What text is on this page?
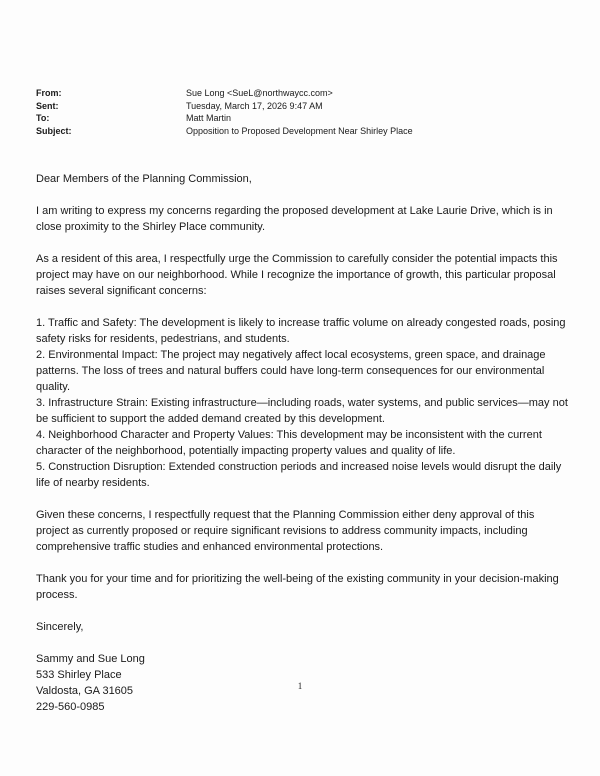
From:	Sue Long <SueL@northwaycc.com>
Sent:	Tuesday, March 17, 2026 9:47 AM
To:	Matt Martin
Subject:	Opposition to Proposed Development Near Shirley Place

Dear Members of the Planning Commission,

I am writing to express my concerns regarding the proposed development at Lake Laurie Drive, which is in close proximity to the Shirley Place community.

As a resident of this area, I respectfully urge the Commission to carefully consider the potential impacts this project may have on our neighborhood. While I recognize the importance of growth, this particular proposal raises several significant concerns:

1. Traffic and Safety: The development is likely to increase traffic volume on already congested roads, posing safety risks for residents, pedestrians, and students.

2. Environmental Impact: The project may negatively affect local ecosystems, green space, and drainage patterns. The loss of trees and natural buffers could have long-term consequences for our environmental quality.

3. Infrastructure Strain: Existing infrastructure—including roads, water systems, and public services—may not be sufficient to support the added demand created by this development.

4. Neighborhood Character and Property Values: This development may be inconsistent with the current character of the neighborhood, potentially impacting property values and quality of life.

5. Construction Disruption: Extended construction periods and increased noise levels would disrupt the daily life of nearby residents.

Given these concerns, I respectfully request that the Planning Commission either deny approval of this project as currently proposed or require significant revisions to address community impacts, including comprehensive traffic studies and enhanced environmental protections.

Thank you for your time and for prioritizing the well-being of the existing community in your decision-making process.

Sincerely,

Sammy and Sue Long

533 Shirley Place

Valdosta, GA 31605

229-560-0985

1
